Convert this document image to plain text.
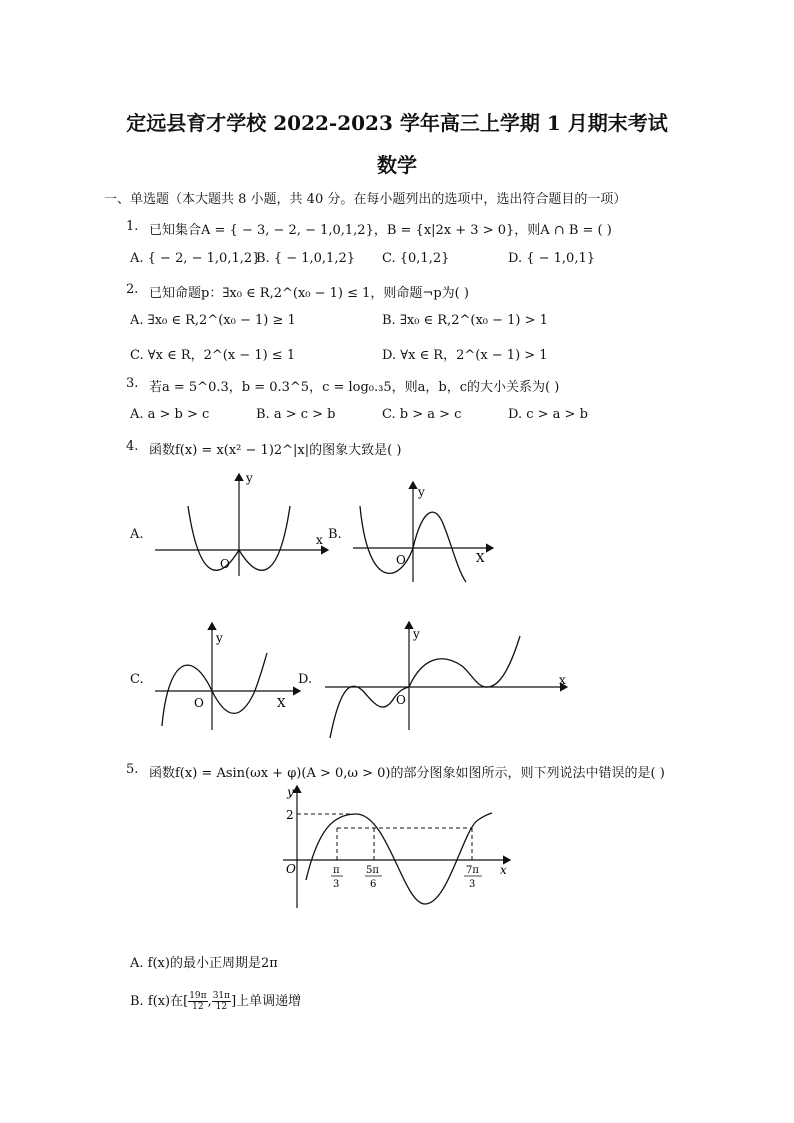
定远县育才学校 2022-2023 学年高三上学期 1 月期末考试
数学
一、单选题（本大题共 8 小题，共 40 分。在每小题列出的选项中，选出符合题目的一项）
1. 已知集合A = { − 3, − 2, − 1,0,1,2}，B = {x|2x + 3 > 0}，则A ∩ B = ( )
A. { − 2, − 1,0,1,2}
B. { − 1,0,1,2} C. {0,1,2}	D. { − 1,0,1}
2. 已知命题p：∃x₀ ∈ R,2^(x₀ − 1) ≤ 1，则命题¬p为( )
A. ∃x₀ ∈ R,2^(x₀ − 1) ≥ 1	B. ∃x₀ ∈ R,2^(x₀ − 1) > 1
C. ∀x ∈ R，2^(x − 1) ≤ 1	D. ∀x ∈ R，2^(x − 1) > 1
3. 若a = 5^0.3，b = 0.3^5，c = log₀.₃5，则a，b，c的大小关系为( )
A. a > b > c	B. a > c > b	C. b > a > c	D. c > a > b
4. 函数f(x) = x(x² − 1)2^|x|的图象大致是( )
A.	B.
C.	D.
y
x
O
y
X
O
y
X
O
y
x
O
5. 函数f(x) = Asin(ωx + φ)(A > 0,ω > 0)的部分图象如图所示，则下列说法中错误的是( )
2
O
y
x
π
3
5π
6
7π
3
A. f(x)的最小正周期是2π
B. f(x)在[ $\frac{19\pi}{12}$ , $\frac{31\pi}{12}$ ]上单调递增
